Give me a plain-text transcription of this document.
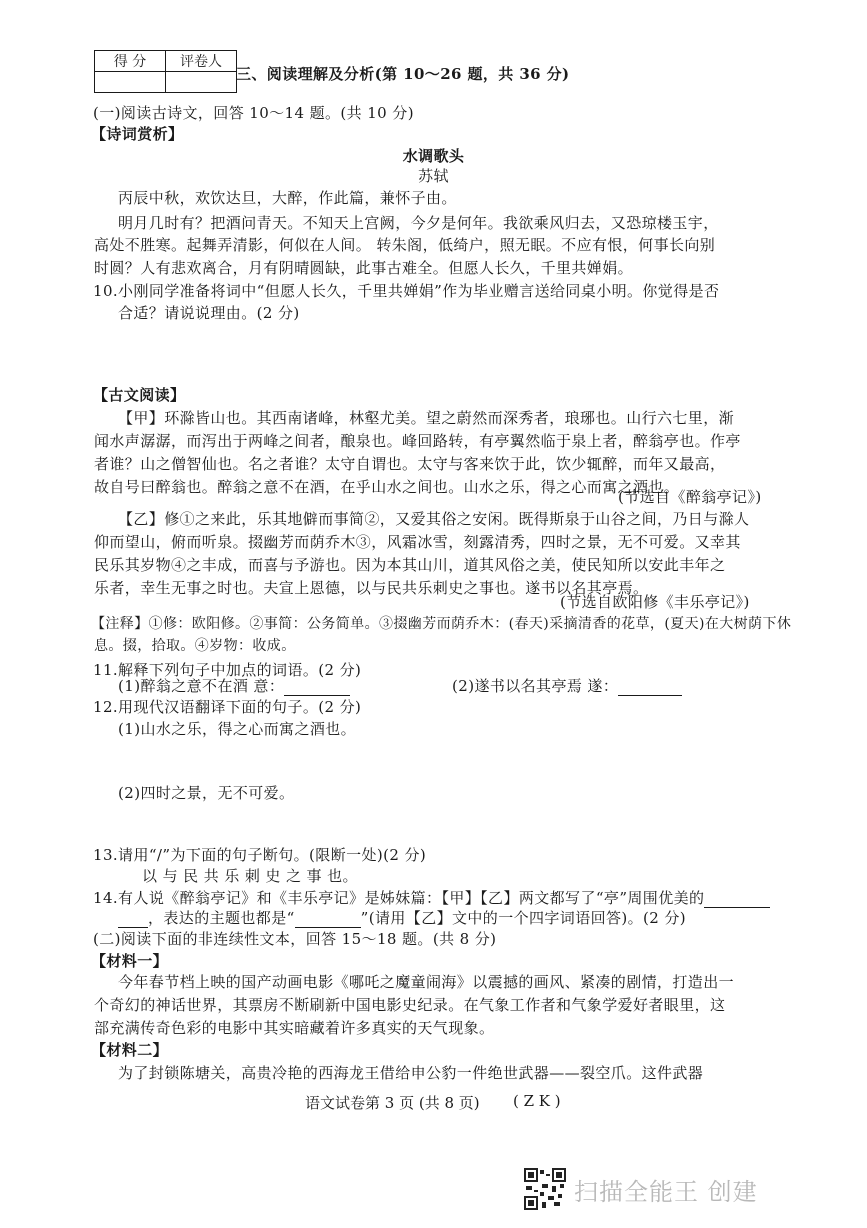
得 分	评卷人

三、阅读理解及分析(第 10～26 题，共 36 分)
(一)阅读古诗文，回答 10～14 题。(共 10 分)
【诗词赏析】
水调歌头
苏轼
丙辰中秋，欢饮达旦，大醉，作此篇，兼怀子由。
明月几时有？把酒问青天。不知天上宫阙，今夕是何年。我欲乘风归去，又恐琼楼玉宇，
高处不胜寒。起舞弄清影，何似在人间。 转朱阁，低绮户，照无眠。不应有恨，何事长向别
时圆？人有悲欢离合，月有阴晴圆缺，此事古难全。但愿人长久，千里共婵娟。
10.小刚同学准备将词中“但愿人长久，千里共婵娟”作为毕业赠言送给同桌小明。你觉得是否
合适？请说说理由。(2 分)
【古文阅读】
【甲】环滁皆山也。其西南诸峰，林壑尤美。望之蔚然而深秀者，琅琊也。山行六七里，渐
闻水声潺潺，而泻出于两峰之间者，酿泉也。峰回路转，有亭翼然临于泉上者，醉翁亭也。作亭
者谁？山之僧智仙也。名之者谁？太守自谓也。太守与客来饮于此，饮少辄醉，而年又最高，
故自号曰醉翁也。醉翁之意不在酒，在乎山水之间也。山水之乐，得之心而寓之酒也。
(节选自《醉翁亭记》)
【乙】修①之来此，乐其地僻而事简②，又爱其俗之安闲。既得斯泉于山谷之间，乃日与滁人
仰而望山，俯而听泉。掇幽芳而荫乔木③，风霜冰雪，刻露清秀，四时之景，无不可爱。又幸其
民乐其岁物④之丰成，而喜与予游也。因为本其山川，道其风俗之美，使民知所以安此丰年之
乐者，幸生无事之时也。夫宣上恩德，以与民共乐刺史之事也。遂书以名其亭焉。
(节选自欧阳修《丰乐亭记》)
【注释】①修：欧阳修。②事简：公务简单。③掇幽芳而荫乔木：(春天)采摘清香的花草，(夏天)在大树荫下休
息。掇，拾取。④岁物：收成。
11.解释下列句子中加点的词语。(2 分)
(1)醉翁之意不在酒 意：	(2)遂书以名其亭焉 遂：
12.用现代汉语翻译下面的句子。(2 分)
(1)山水之乐，得之心而寓之酒也。
(2)四时之景，无不可爱。
13.请用“/”为下面的句子断句。(限断一处)(2 分)
以 与 民 共 乐 刺 史 之 事 也。
14.有人说《醉翁亭记》和《丰乐亭记》是姊妹篇：【甲】【乙】两文都写了“亭”周围优美的
，表达的主题也都是“	”(请用【乙】文中的一个四字词语回答)。(2 分)
(二)阅读下面的非连续性文本，回答 15～18 题。(共 8 分)
【材料一】
今年春节档上映的国产动画电影《哪吒之魔童闹海》以震撼的画风、紧凑的剧情，打造出一
个奇幻的神话世界，其票房不断刷新中国电影史纪录。在气象工作者和气象学爱好者眼里，这
部充满传奇色彩的电影中其实暗藏着许多真实的天气现象。
【材料二】
为了封锁陈塘关，高贵冷艳的西海龙王借给申公豹一件绝世武器——裂空爪。这件武器
语文试卷第 3 页 (共 8 页) ( Z K )
扫描全能王 创建
